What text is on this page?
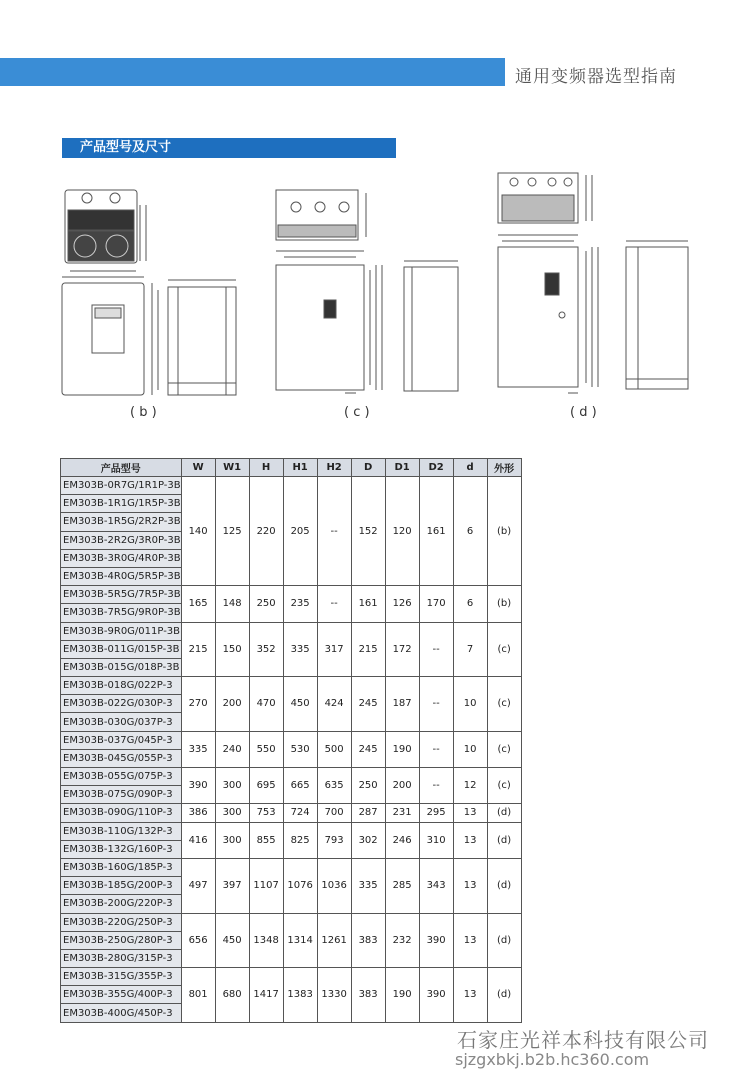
通用变频器选型指南
产品型号及尺寸
( b )	( c )	( d )
产品型号	W	W1	H	H1	H2	D	D1	D2	d	外形
EM303B-0R7G/1R1P-3B	140	125	220	205	--	152	120	161	6	(b)
EM303B-1R1G/1R5P-3B										
EM303B-1R5G/2R2P-3B										
EM303B-2R2G/3R0P-3B										
EM303B-3R0G/4R0P-3B										
EM303B-4R0G/5R5P-3B										
EM303B-5R5G/7R5P-3B	165	148	250	235	--	161	126	170	6	(b)
EM303B-7R5G/9R0P-3B										
EM303B-9R0G/011P-3B	215	150	352	335	317	215	172	--	7	(c)
EM303B-011G/015P-3B										
EM303B-015G/018P-3B										
EM303B-018G/022P-3	270	200	470	450	424	245	187	--	10	(c)
EM303B-022G/030P-3										
EM303B-030G/037P-3										
EM303B-037G/045P-3	335	240	550	530	500	245	190	--	10	(c)
EM303B-045G/055P-3										
EM303B-055G/075P-3	390	300	695	665	635	250	200	--	12	(c)
EM303B-075G/090P-3										
EM303B-090G/110P-3	386	300	753	724	700	287	231	295	13	(d)
EM303B-110G/132P-3	416	300	855	825	793	302	246	310	13	(d)
EM303B-132G/160P-3										
EM303B-160G/185P-3	497	397	1107	1076	1036	335	285	343	13	(d)
EM303B-185G/200P-3										
EM303B-200G/220P-3										
EM303B-220G/250P-3	656	450	1348	1314	1261	383	232	390	13	(d)
EM303B-250G/280P-3										
EM303B-280G/315P-3										
EM303B-315G/355P-3	801	680	1417	1383	1330	383	190	390	13	(d)
EM303B-355G/400P-3										
EM303B-400G/450P-3										
石家庄光祥本科技有限公司
sjzgxbkj.b2b.hc360.com
